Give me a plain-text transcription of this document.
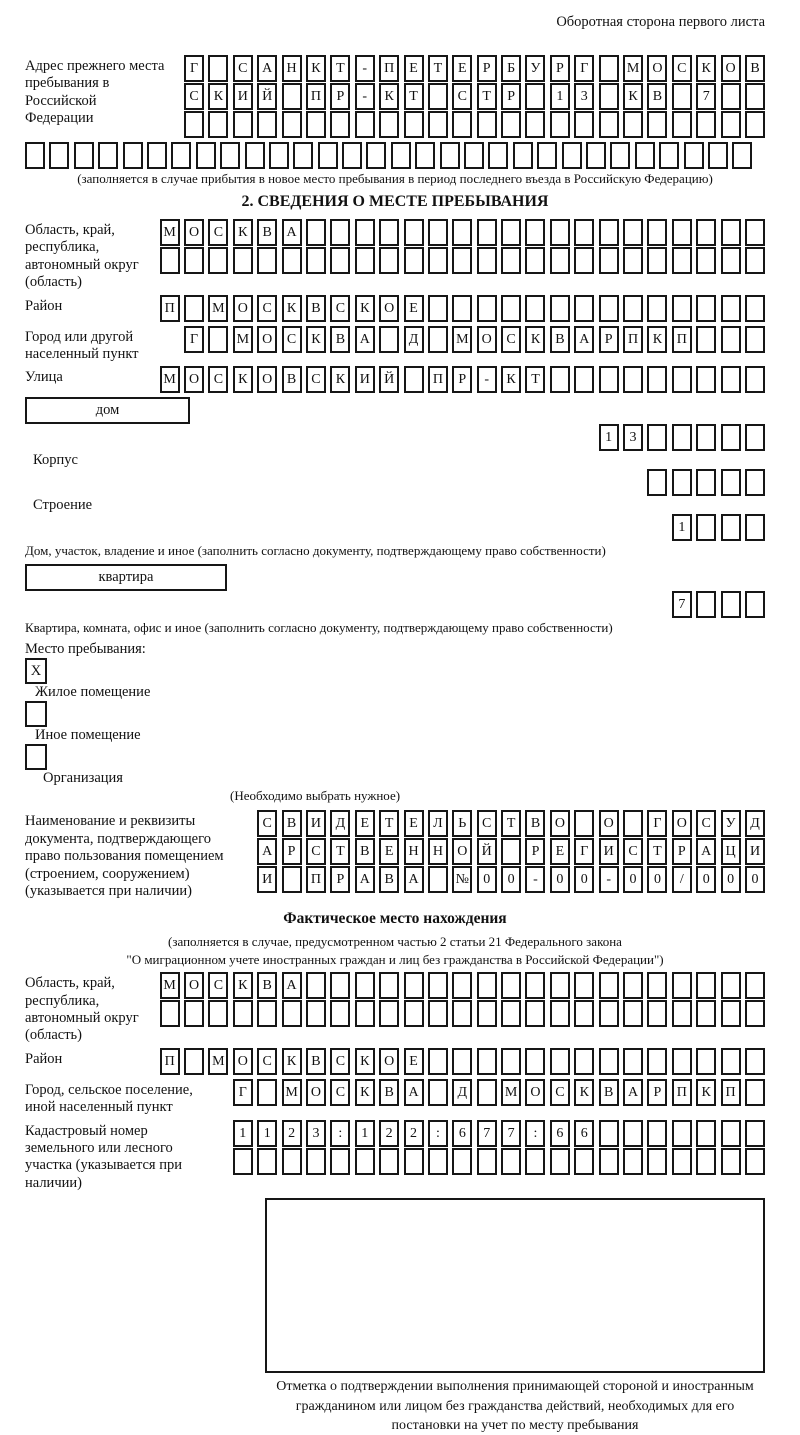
Оборотная сторона первого листа
Адрес прежнего места пребывания в Российской Федерации
Г	С	А	Н	К	Т	-	П	Е	Т	Е	Р	Б	У	Р	Г	М О	С	К	О	В
С	К	И	Й	П	Р	-	К	Т	С	Т	Р	1	3	К	В	7
(заполняется в случае прибытия в новое место пребывания в период последнего въезда в Российскую Федерацию)
2. СВЕДЕНИЯ О МЕСТЕ ПРЕБЫВАНИЯ
Область, край, республика, автономный округ (область)
М О	С	К	В	А
Район	П	М О	С	К	В	С	К	О	Е
Город или другой населенный пункт
Г	М О	С	К	В	А	Д	М О	С	К	В	А	Р	П	К	П
Улица	М О	С	К	О	В	С	К	И	Й	П	Р	-	К	Т
дом
1	3
Корпус
Строение
1
Дом, участок, владение и иное (заполнить согласно документу, подтверждающему право собственности)
квартира
7
Квартира, комната, офис и иное (заполнить согласно документу, подтверждающему право собственности)
Место пребывания:
X
Жилое помещение
Иное помещение
Организация
(Необходимо выбрать нужное)
Наименование и реквизиты документа, подтверждающего право пользования помещением (строением, сооружением) (указывается при наличии)
С	В	И	Д	Е	Т	Е	Л	Ь	С	Т	В	О	О	Г	О	С	У	Д
А	Р	С	Т	В	Е	Н	Н	О	Й	Р	Е	Г	И	С	Т	Р	А	Ц	И
И	П	Р	А	В	А	№	0	0	-	0	0	-	0	0	/	0	0	0
Фактическое место нахождения
(заполняется в случае, предусмотренном частью 2 статьи 21 Федерального закона
"О миграционном учете иностранных граждан и лиц без гражданства в Российской Федерации")
Область, край, республика, автономный округ (область)
М О	С	К	В	А
Район	П	М О	С	К	В	С	К	О	Е
Город, сельское поселение, иной населенный пункт
Г	М О	С	К	В	А	Д	М О	С	К	В	А	Р	П	К	П
Кадастровый номер земельного или лесного участка (указывается при наличии)
1	1	2	3	:	1	2	2	:	6	7	7	:	6	6
Отметка о подтверждении выполнения принимающей стороной и иностранным гражданином или лицом без гражданства действий, необходимых для его постановки на учет по месту пребывания
